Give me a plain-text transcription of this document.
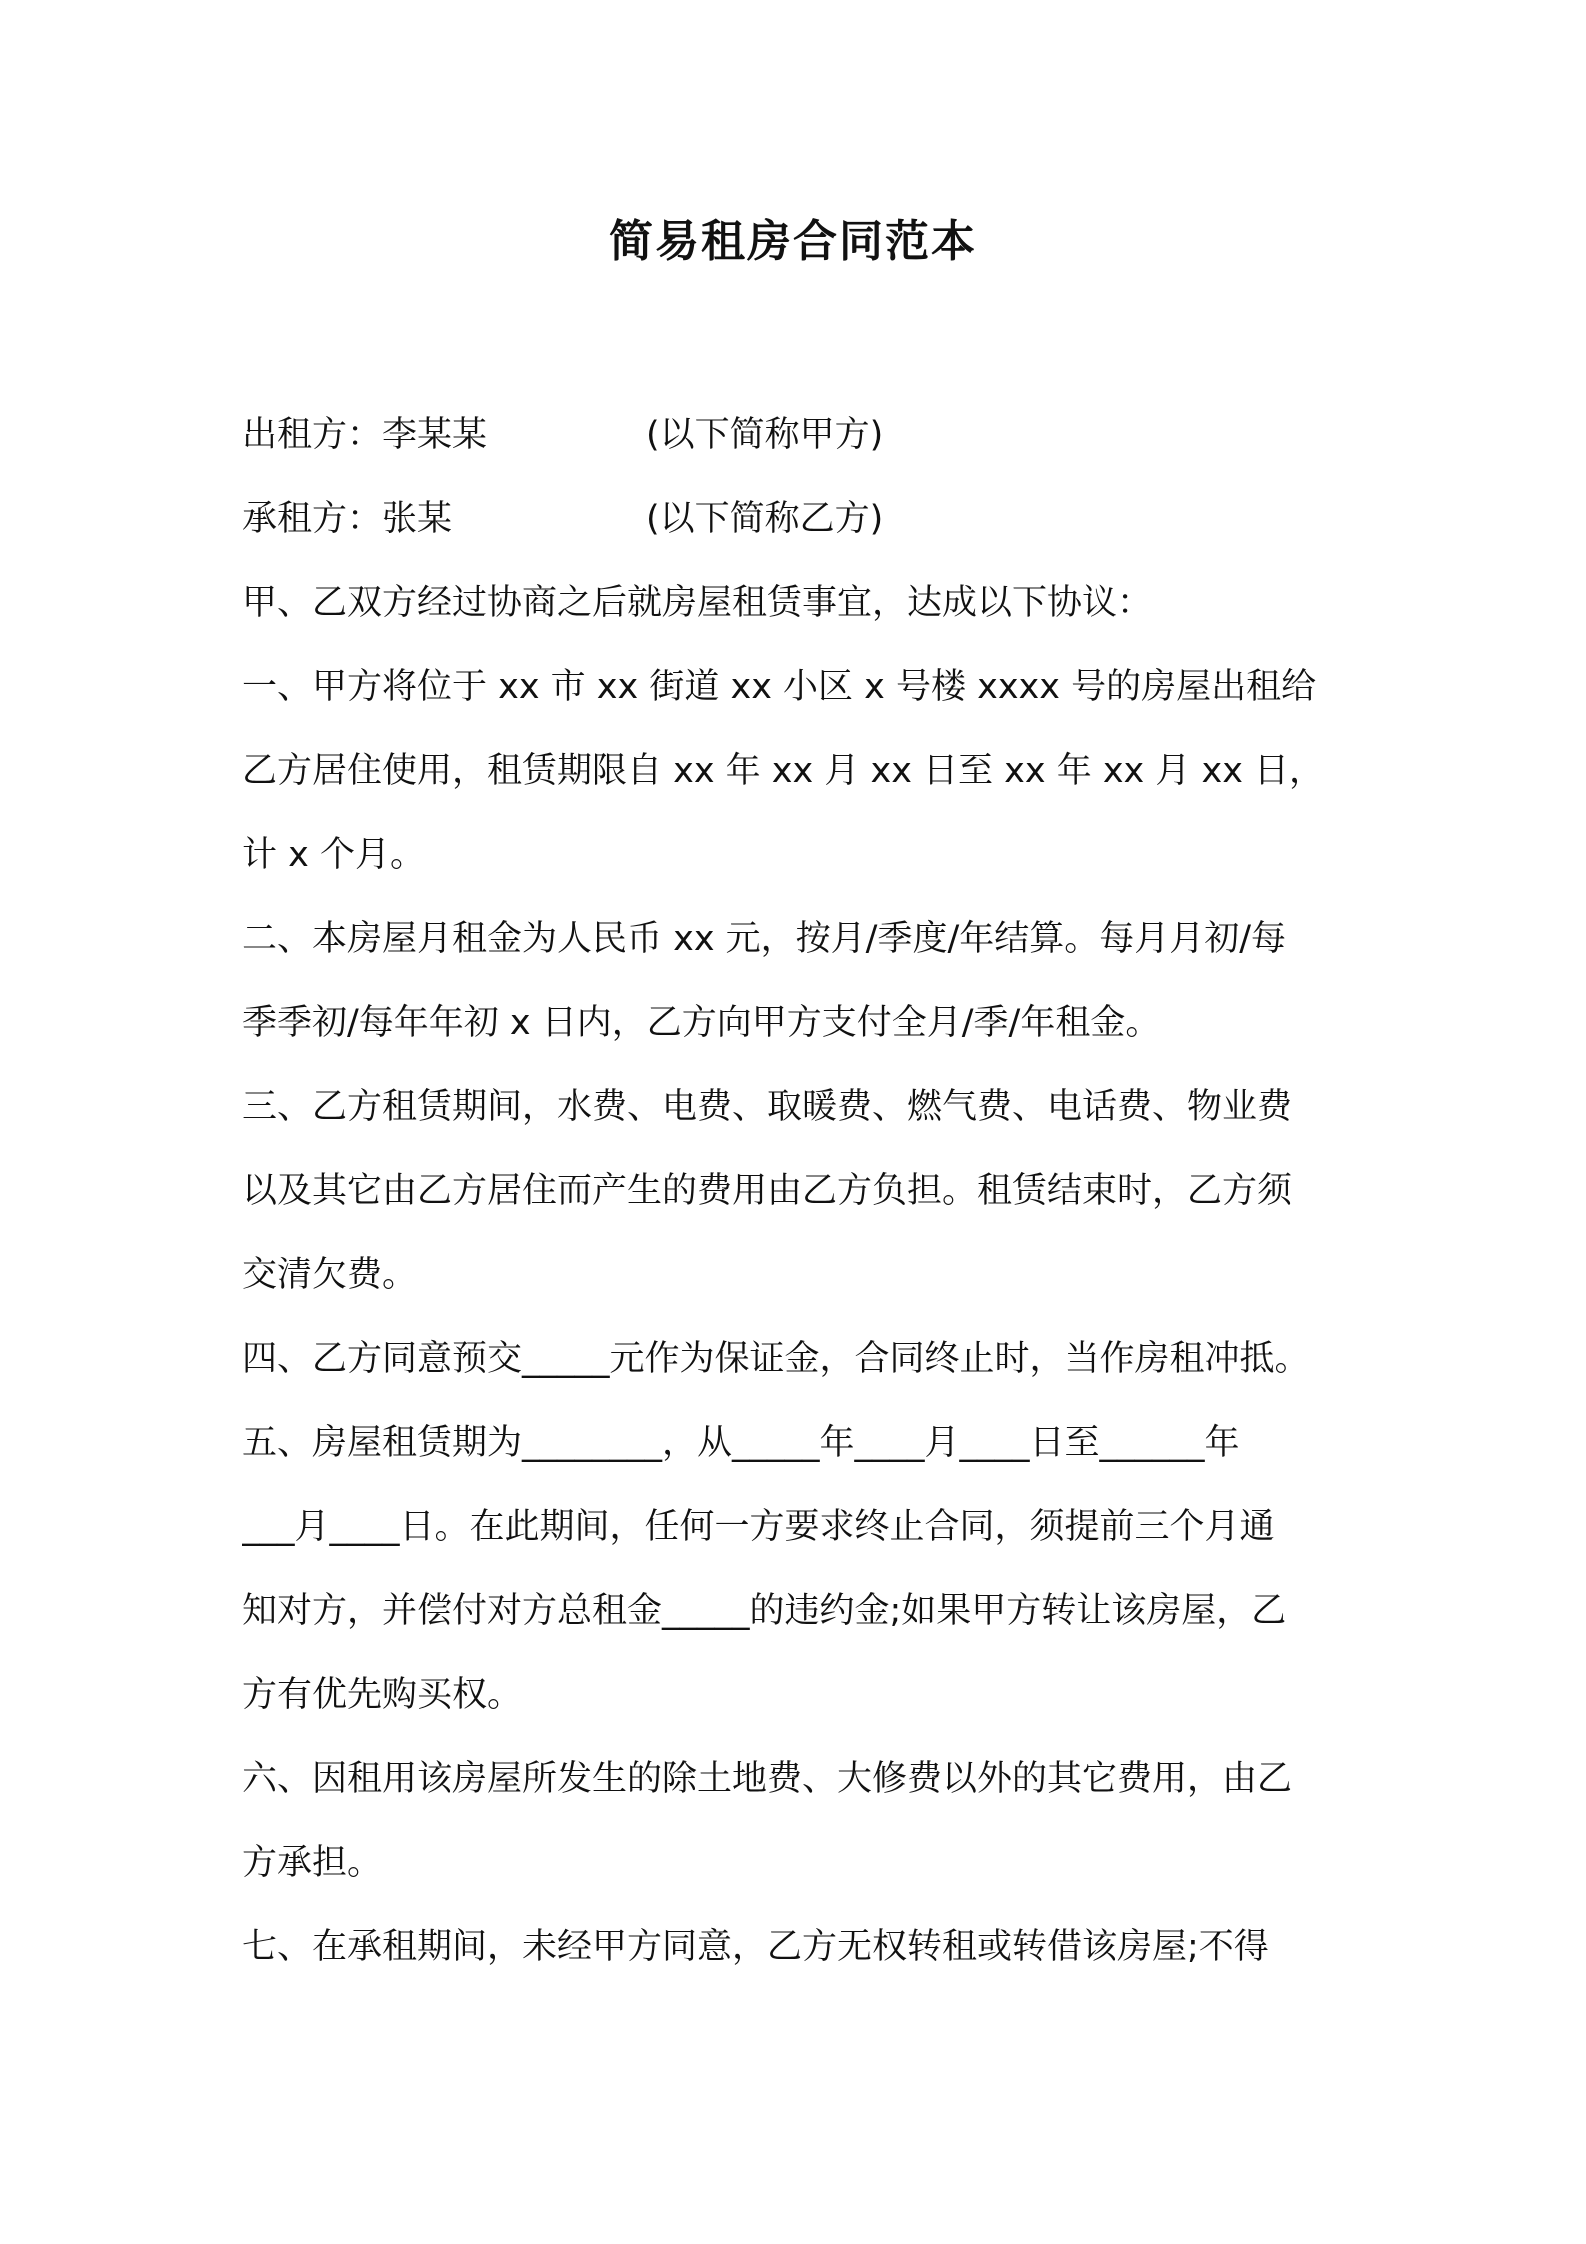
简易租房合同范本
出租方：李某某	(以下简称甲方)
承租方：张某	(以下简称乙方)
甲、乙双方经过协商之后就房屋租赁事宜，达成以下协议：
一、甲方将位于 xx 市 xx 街道 xx 小区 x 号楼 xxxx 号的房屋出租给
乙方居住使用，租赁期限自 xx 年 xx 月 xx 日至 xx 年 xx 月 xx 日，
计 x 个月。
二、本房屋月租金为人民币 xx 元，按月/季度/年结算。每月月初/每
季季初/每年年初 x 日内，乙方向甲方支付全月/季/年租金。
三、乙方租赁期间，水费、电费、取暖费、燃气费、电话费、物业费
以及其它由乙方居住而产生的费用由乙方负担。租赁结束时，乙方须
交清欠费。
四、乙方同意预交_____元作为保证金，合同终止时，当作房租冲抵。
五、房屋租赁期为________，从_____年____月____日至______年
___月____日。在此期间，任何一方要求终止合同，须提前三个月通
知对方，并偿付对方总租金_____的违约金;如果甲方转让该房屋，乙
方有优先购买权。
六、因租用该房屋所发生的除土地费、大修费以外的其它费用，由乙
方承担。
七、在承租期间，未经甲方同意，乙方无权转租或转借该房屋;不得
